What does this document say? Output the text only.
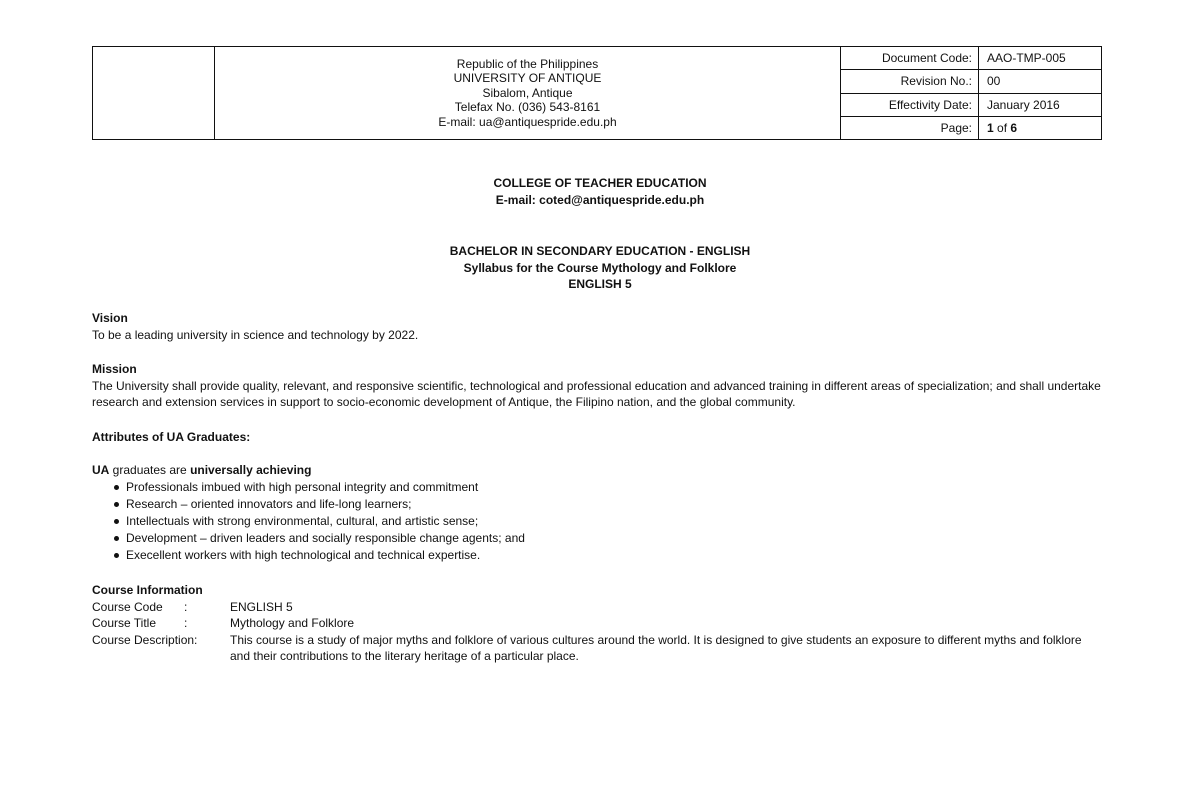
	Republic of the Philippines
UNIVERSITY OF ANTIQUE
Sibalom, Antique
Telefax No. (036) 543-8161
E-mail: ua@antiquespride.edu.ph	Document Code:	AAO-TMP-005
		Revision No.:	00
		Effectivity Date:	January 2016
		Page:	1 of 6
COLLEGE OF TEACHER EDUCATION
E-mail: coted@antiquespride.edu.ph
BACHELOR IN SECONDARY EDUCATION - ENGLISH
Syllabus for the Course Mythology and Folklore
ENGLISH 5
Vision
To be a leading university in science and technology by 2022.
Mission
The University shall provide quality, relevant, and responsive scientific, technological and professional education and advanced training in different areas of specialization; and shall undertake research and extension services in support to socio-economic development of Antique, the Filipino nation, and the global community.
Attributes of UA Graduates:
UA graduates are universally achieving
Professionals imbued with high personal integrity and commitment
Research – oriented innovators and life-long learners;
Intellectuals with strong environmental, cultural, and artistic sense;
Development – driven leaders and socially responsible change agents; and
Execellent workers with high technological and technical expertise.
Course Information
Course Code :	ENGLISH 5
Course Title :	Mythology and Folklore
Course Description:	This course is a study of major myths and folklore of various cultures around the world. It is designed to give students an exposure to different myths and folklore and their contributions to the literary heritage of a particular place.
